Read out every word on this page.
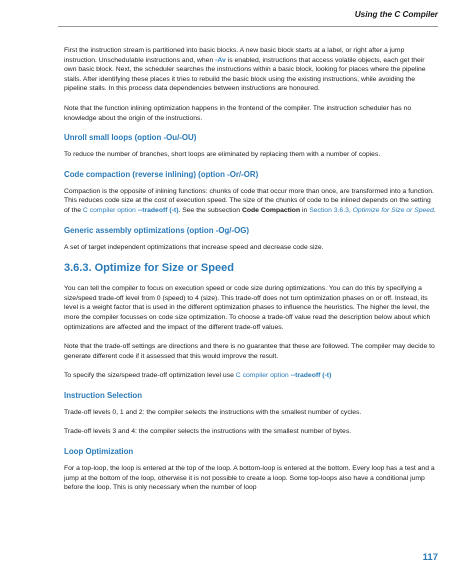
Using the C Compiler

First the instruction stream is partitioned into basic blocks. A new basic block starts at a label, or right after a jump instruction. Unschedulable instructions and, when -Av is enabled, instructions that access volatile objects, each get their own basic block. Next, the scheduler searches the instructions within a basic block, looking for places where the pipeline stalls. After identifying these places it tries to rebuild the basic block using the existing instructions, while avoiding the pipeline stalls. In this process data dependencies between instructions are honoured.

Note that the function inlining optimization happens in the frontend of the compiler. The instruction scheduler has no knowledge about the origin of the instructions.

Unroll small loops (option -Ou/-OU)

To reduce the number of branches, short loops are eliminated by replacing them with a number of copies.

Code compaction (reverse inlining) (option -Or/-OR)

Compaction is the opposite of inlining functions: chunks of code that occur more than once, are transformed into a function. This reduces code size at the cost of execution speed. The size of the chunks of code to be inlined depends on the setting of the C compiler option --tradeoff (-t). See the subsection Code Compaction in Section 3.6.3, Optimize for Size or Speed.

Generic assembly optimizations (option -Og/-OG)

A set of target independent optimizations that increase speed and decrease code size.

3.6.3. Optimize for Size or Speed

You can tell the compiler to focus on execution speed or code size during optimizations. You can do this by specifying a size/speed trade-off level from 0 (speed) to 4 (size). This trade-off does not turn optimization phases on or off. Instead, its level is a weight factor that is used in the different optimization phases to influence the heuristics. The higher the level, the more the compiler focusses on code size optimization. To choose a trade-off value read the description below about which optimizations are affected and the impact of the different trade-off values.

Note that the trade-off settings are directions and there is no guarantee that these are followed. The compiler may decide to generate different code if it assessed that this would improve the result.

To specify the size/speed trade-off optimization level use C compiler option --tradeoff (-t)

Instruction Selection

Trade-off levels 0, 1 and 2: the compiler selects the instructions with the smallest number of cycles.

Trade-off levels 3 and 4: the compiler selects the instructions with the smallest number of bytes.

Loop Optimization

For a top-loop, the loop is entered at the top of the loop. A bottom-loop is entered at the bottom. Every loop has a test and a jump at the bottom of the loop, otherwise it is not possible to create a loop. Some top-loops also have a conditional jump before the loop. This is only necessary when the number of loop

117
